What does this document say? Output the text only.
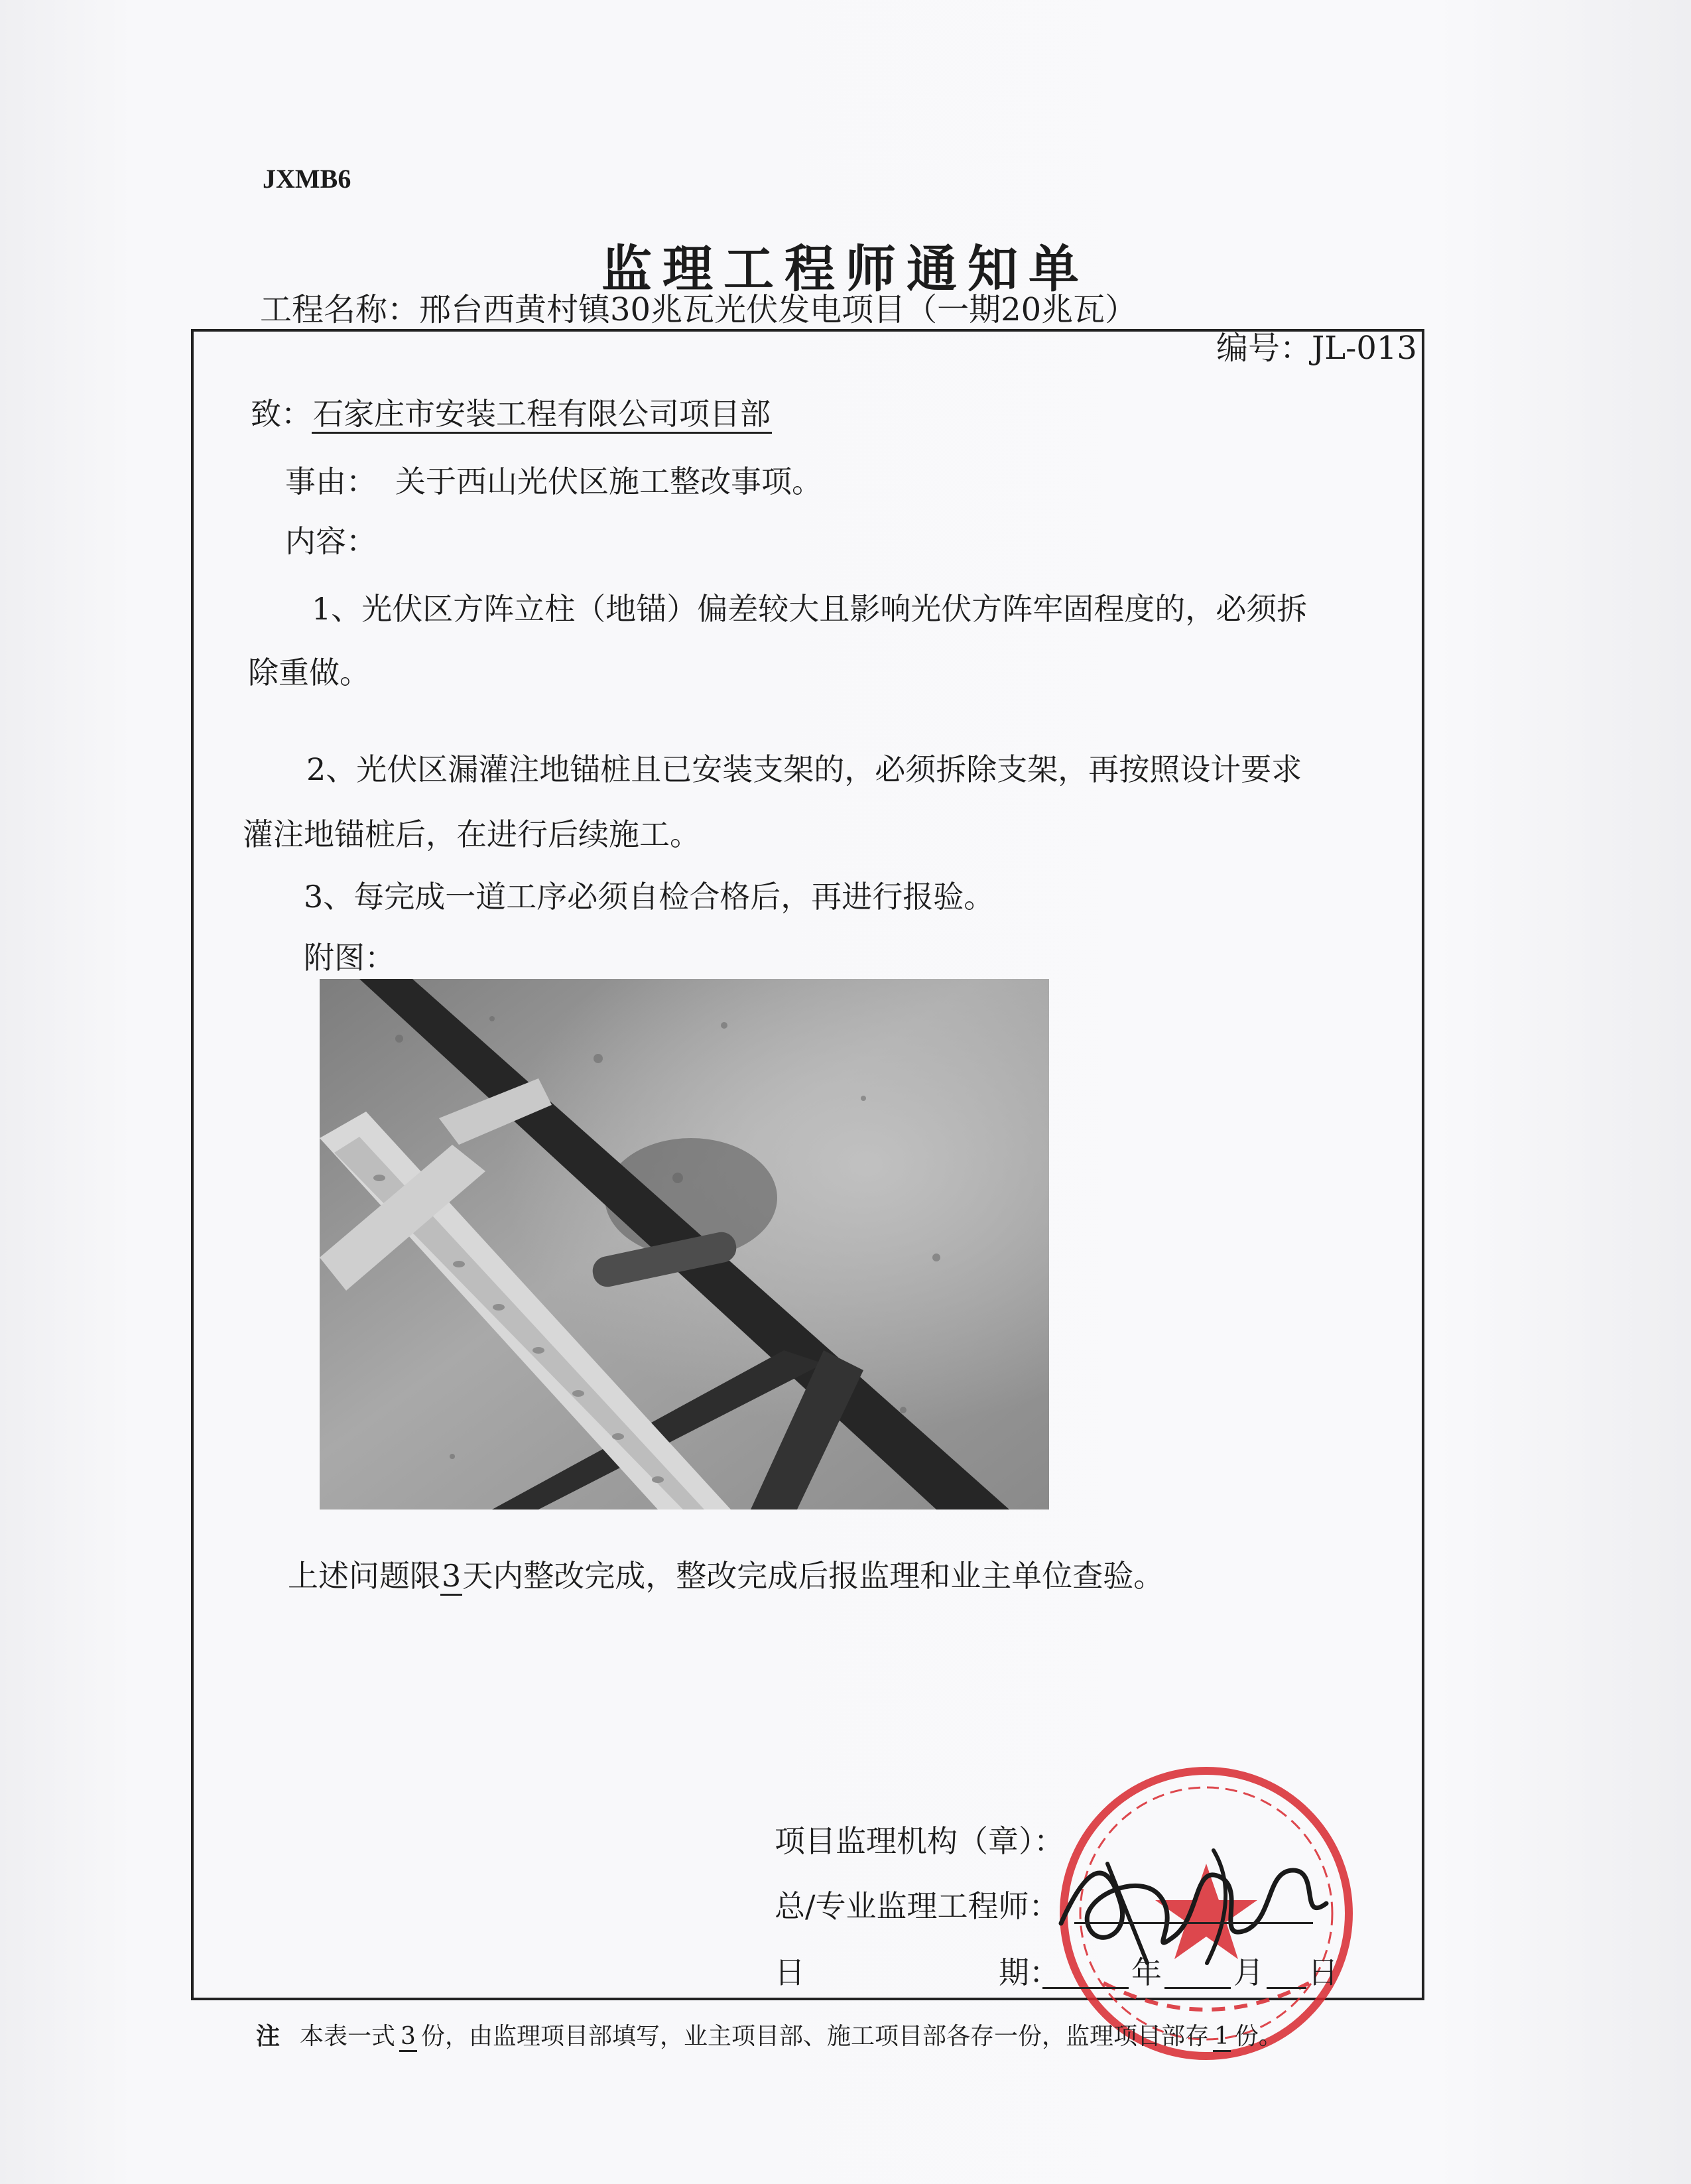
JXMB6
监理工程师通知单
工程名称：邢台西黄村镇30兆瓦光伏发电项目（一期20兆瓦）
编号：JL-013
致：石家庄市安装工程有限公司项目部
事由： 关于西山光伏区施工整改事项。
内容：
1、光伏区方阵立柱（地锚）偏差较大且影响光伏方阵牢固程度的，必须拆
除重做。
2、光伏区漏灌注地锚桩且已安装支架的，必须拆除支架，再按照设计要求
灌注地锚桩后，在进行后续施工。
3、每完成一道工序必须自检合格后，再进行报验。
附图：
上述问题限3天内整改完成，整改完成后报监理和业主单位查验。
项目监理机构（章）：
总/专业监理工程师：
日	期： 年 月 日
注 本表一式 3 份，由监理项目部填写，业主项目部、施工项目部各存一份，监理项目部存 1 份。
